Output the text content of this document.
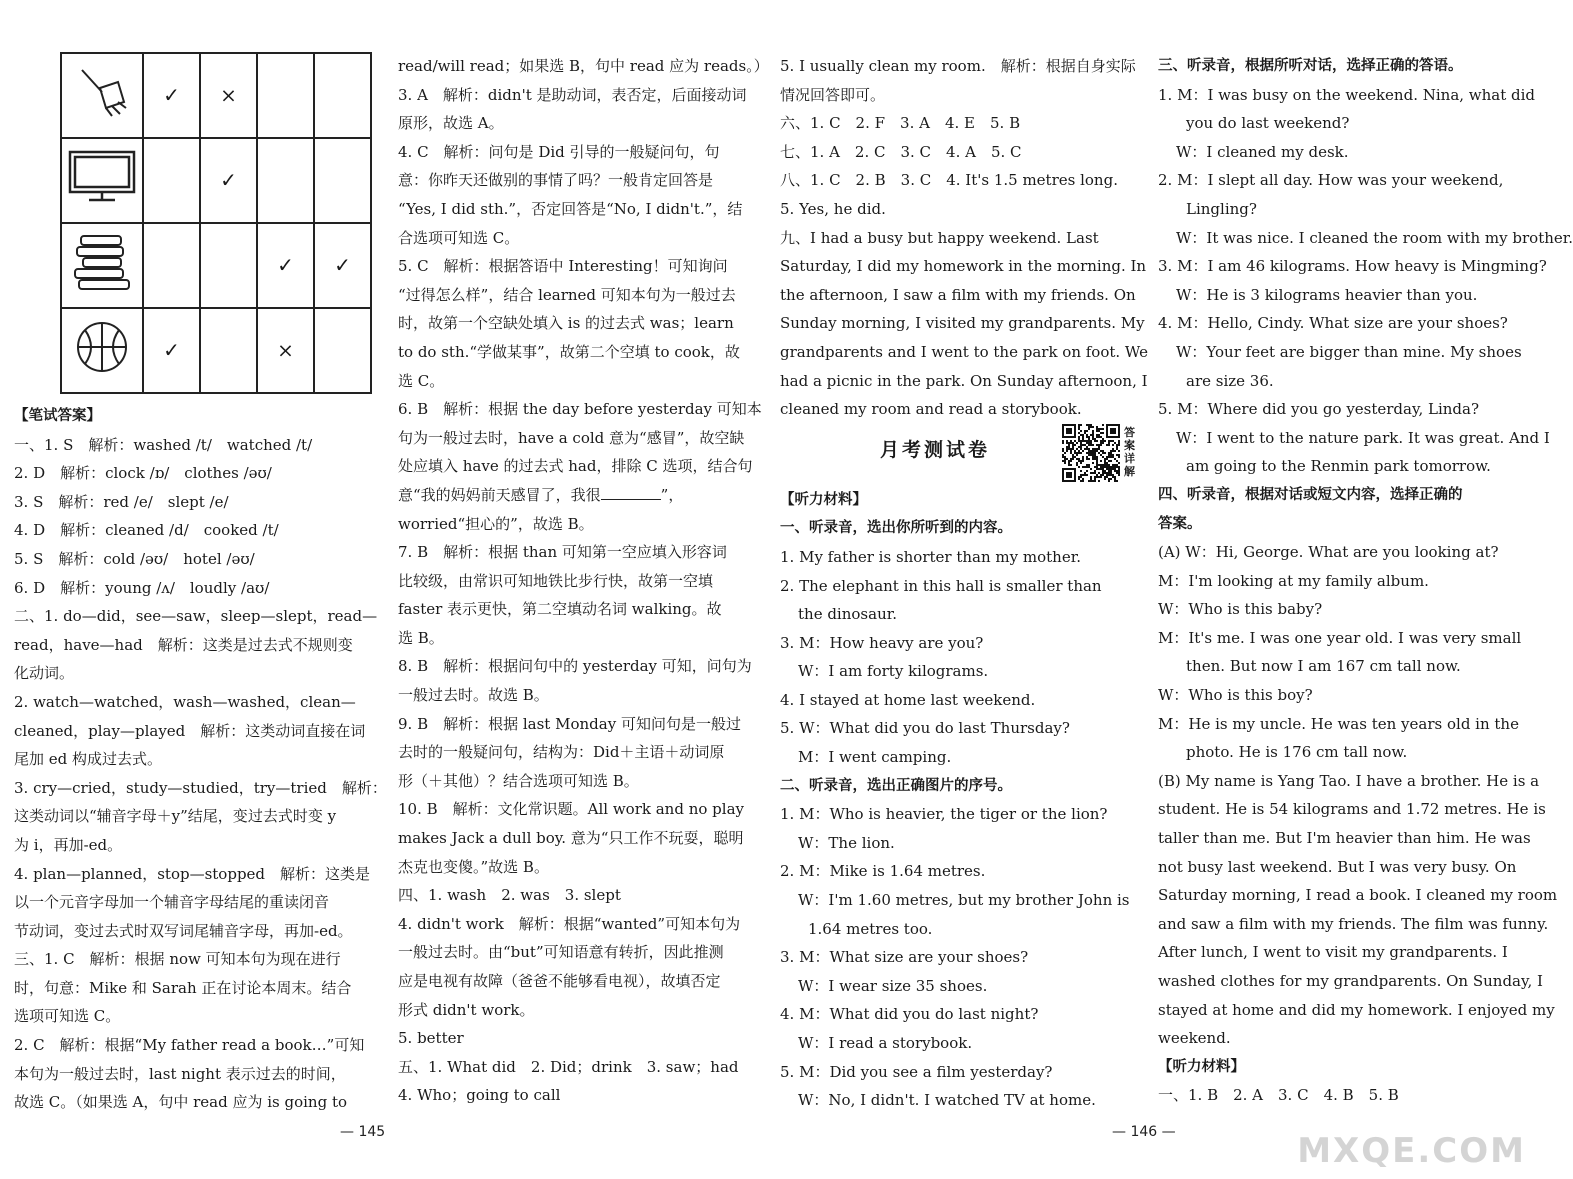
	✓	×		
		✓		
			✓	✓
	✓		×	
【笔试答案】
一、1. S　解析：washed /t/　watched /t/
2. D　解析：clock /ɒ/　clothes /əʊ/
3. S　解析：red /e/　slept /e/
4. D　解析：cleaned /d/　cooked /t/
5. S　解析：cold /əʊ/　hotel /əʊ/
6. D　解析：young /ʌ/　loudly /aʊ/
二、1. do—did，see—saw，sleep—slept，read—
read，have—had　解析：这类是过去式不规则变
化动词。
2. watch—watched，wash—washed，clean—
cleaned，play—played　解析：这类动词直接在词
尾加 ed 构成过去式。
3. cry—cried，study—studied，try—tried　解析：
这类动词以“辅音字母＋y”结尾，变过去式时变 y
为 i，再加-ed。
4. plan—planned，stop—stopped　解析：这类是
以一个元音字母加一个辅音字母结尾的重读闭音
节动词，变过去式时双写词尾辅音字母，再加-ed。
三、1. C　解析：根据 now 可知本句为现在进行
时，句意：Mike 和 Sarah 正在讨论本周末。结合
选项可知选 C。
2. C　解析：根据“My father read a book…”可知
本句为一般过去时，last night 表示过去的时间，
故选 C。（如果选 A，句中 read 应为 is going to
read/will read；如果选 B，句中 read 应为 reads。）
3. A　解析：didn't 是助动词，表否定，后面接动词
原形，故选 A。
4. C　解析：问句是 Did 引导的一般疑问句，句
意：你昨天还做别的事情了吗？一般肯定回答是
“Yes, I did sth.”，否定回答是“No, I didn't.”，结
合选项可知选 C。
5. C　解析：根据答语中 Interesting！可知询问
“过得怎么样”，结合 learned 可知本句为一般过去
时，故第一个空缺处填入 is 的过去式 was；learn
to do sth.“学做某事”，故第二个空填 to cook，故
选 C。
6. B　解析：根据 the day before yesterday 可知本
句为一般过去时，have a cold 意为“感冒”，故空缺
处应填入 have 的过去式 had，排除 C 选项，结合句
意“我的妈妈前天感冒了，我很	”，
worried“担心的”，故选 B。
7. B　解析：根据 than 可知第一空应填入形容词
比较级，由常识可知地铁比步行快，故第一空填
faster 表示更快，第二空填动名词 walking。故
选 B。
8. B　解析：根据问句中的 yesterday 可知，问句为
一般过去时。故选 B。
9. B　解析：根据 last Monday 可知问句是一般过
去时的一般疑问句，结构为：Did＋主语＋动词原
形（＋其他）？结合选项可知选 B。
10. B　解析：文化常识题。All work and no play
makes Jack a dull boy. 意为“只工作不玩耍，聪明
杰克也变傻。”故选 B。
四、1. wash　2. was　3. slept
4. didn't work　解析：根据“wanted”可知本句为
一般过去时。由“but”可知语意有转折，因此推测
应是电视有故障（爸爸不能够看电视），故填否定
形式 didn't work。
5. better
五、1. What did　2. Did；drink　3. saw；had
4. Who；going to call
5. I usually clean my room.　解析：根据自身实际
情况回答即可。
六、1. C　2. F　3. A　4. E　5. B
七、1. A　2. C　3. C　4. A　5. C
八、1. C　2. B　3. C　4. It's 1.5 metres long.
5. Yes, he did.
九、I had a busy but happy weekend. Last
Saturday, I did my homework in the morning. In
the afternoon, I saw a film with my friends. On
Sunday morning, I visited my grandparents. My
grandparents and I went to the park on foot. We
had a picnic in the park. On Sunday afternoon, I
cleaned my room and read a storybook.
月考测试卷
答案详解
【听力材料】
一、听录音，选出你所听到的内容。
1. My father is shorter than my mother.
2. The elephant in this hall is smaller than
the dinosaur.
3. M：How heavy are you?
W：I am forty kilograms.
4. I stayed at home last weekend.
5. W：What did you do last Thursday?
M：I went camping.
二、听录音，选出正确图片的序号。
1. M：Who is heavier, the tiger or the lion?
W：The lion.
2. M：Mike is 1.64 metres.
W：I'm 1.60 metres, but my brother John is
1.64 metres too.
3. M：What size are your shoes?
W：I wear size 35 shoes.
4. M：What did you do last night?
W：I read a storybook.
5. M：Did you see a film yesterday?
W：No, I didn't. I watched TV at home.
三、听录音，根据所听对话，选择正确的答语。
1. M：I was busy on the weekend. Nina, what did
you do last weekend?
W：I cleaned my desk.
2. M：I slept all day. How was your weekend,
Lingling?
W：It was nice. I cleaned the room with my brother.
3. M：I am 46 kilograms. How heavy is Mingming?
W：He is 3 kilograms heavier than you.
4. M：Hello, Cindy. What size are your shoes?
W：Your feet are bigger than mine. My shoes
are size 36.
5. M：Where did you go yesterday, Linda?
W：I went to the nature park. It was great. And I
am going to the Renmin park tomorrow.
四、听录音，根据对话或短文内容，选择正确的
答案。
(A) W：Hi, George. What are you looking at?
M：I'm looking at my family album.
W：Who is this baby?
M：It's me. I was one year old. I was very small
then. But now I am 167 cm tall now.
W：Who is this boy?
M：He is my uncle. He was ten years old in the
photo. He is 176 cm tall now.
(B) My name is Yang Tao. I have a brother. He is a
student. He is 54 kilograms and 1.72 metres. He is
taller than me. But I'm heavier than him. He was
not busy last weekend. But I was very busy. On
Saturday morning, I read a book. I cleaned my room
and saw a film with my friends. The film was funny.
After lunch, I went to visit my grandparents. I
washed clothes for my grandparents. On Sunday, I
stayed at home and did my homework. I enjoyed my
weekend.
【听力材料】
一、1. B　2. A　3. C　4. B　5. B
— 145	— 146 —	MXQE.COM
